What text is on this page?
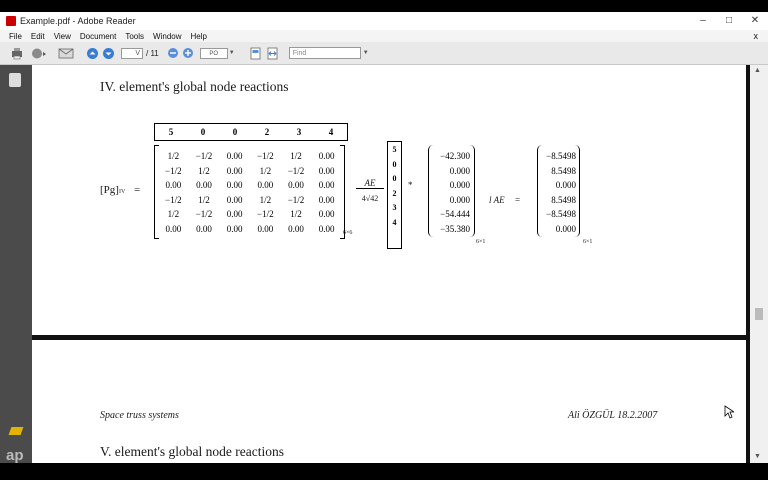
Example.pdf - Adobe Reader	–	□	✕
File Edit View Document Tools Window Help	x
V / 11	PO	▼	Find	▼
ap
▲
▼
IV. element's global node reactions
5	0	0	2	3	4
[Pg]IV =
1/2	−1/2	0.00	−1/2	1/2	0.00
−1/2	1/2	0.00	1/2	−1/2	0.00
0.00	0.00	0.00	0.00	0.00	0.00
−1/2	1/2	0.00	1/2	−1/2	0.00
1/2	−1/2	0.00	−1/2	1/2	0.00
0.00	0.00	0.00	0.00	0.00	0.00	6×6
AE
4√42
5
0
0
2
3
4
*
−42.300
0.000
0.000
0.000
−54.444
−35.380
6×1
l AE =
−8.5498
8.5498
0.000
8.5498
−8.5498
0.000
6×1
Space truss systems	Ali ÖZGÜL 18.2.2007
V. element's global node reactions
